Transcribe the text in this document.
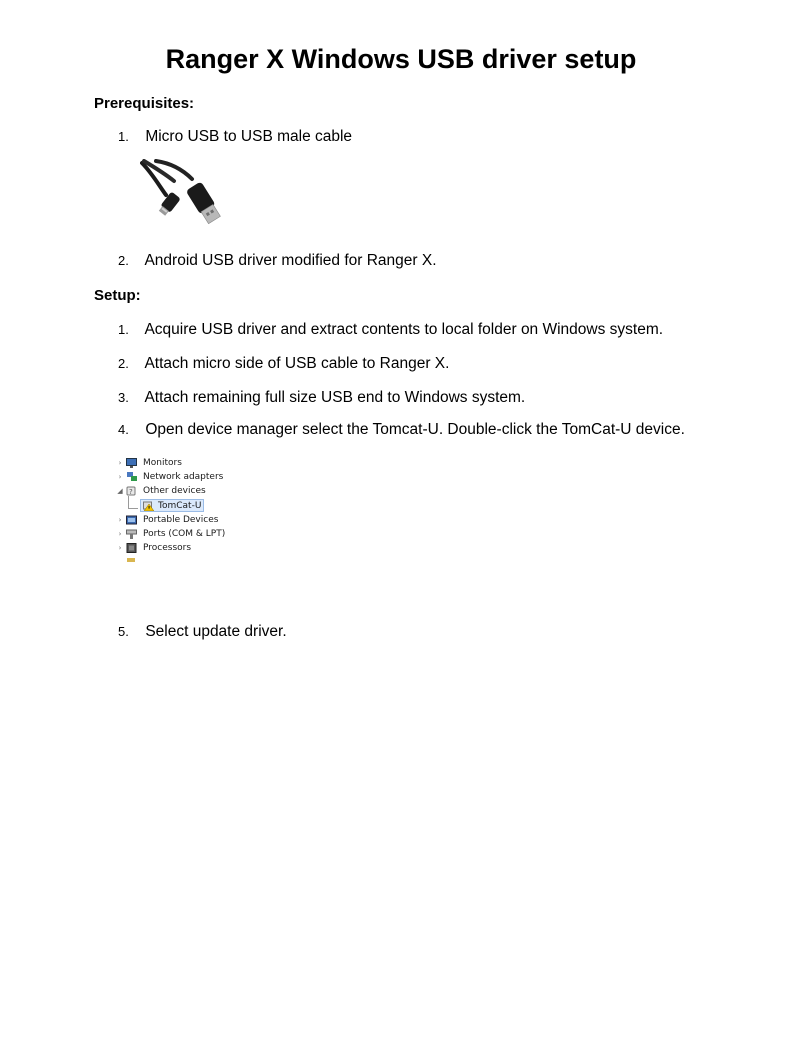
Ranger X Windows USB driver setup
Prerequisites:
1. Micro USB to USB male cable
2. Android USB driver modified for Ranger X.
Setup:
1. Acquire USB driver and extract contents to local folder on Windows system.
2. Attach micro side of USB cable to Ranger X.
3. Attach remaining full size USB end to Windows system.
4. Open device manager select the Tomcat-U. Double-click the TomCat-U device.
› Monitors
› Network adapters
◢ ? Other devices
TomCat-U
› Portable Devices
› Ports (COM & LPT)
› Processors
5. Select update driver.
